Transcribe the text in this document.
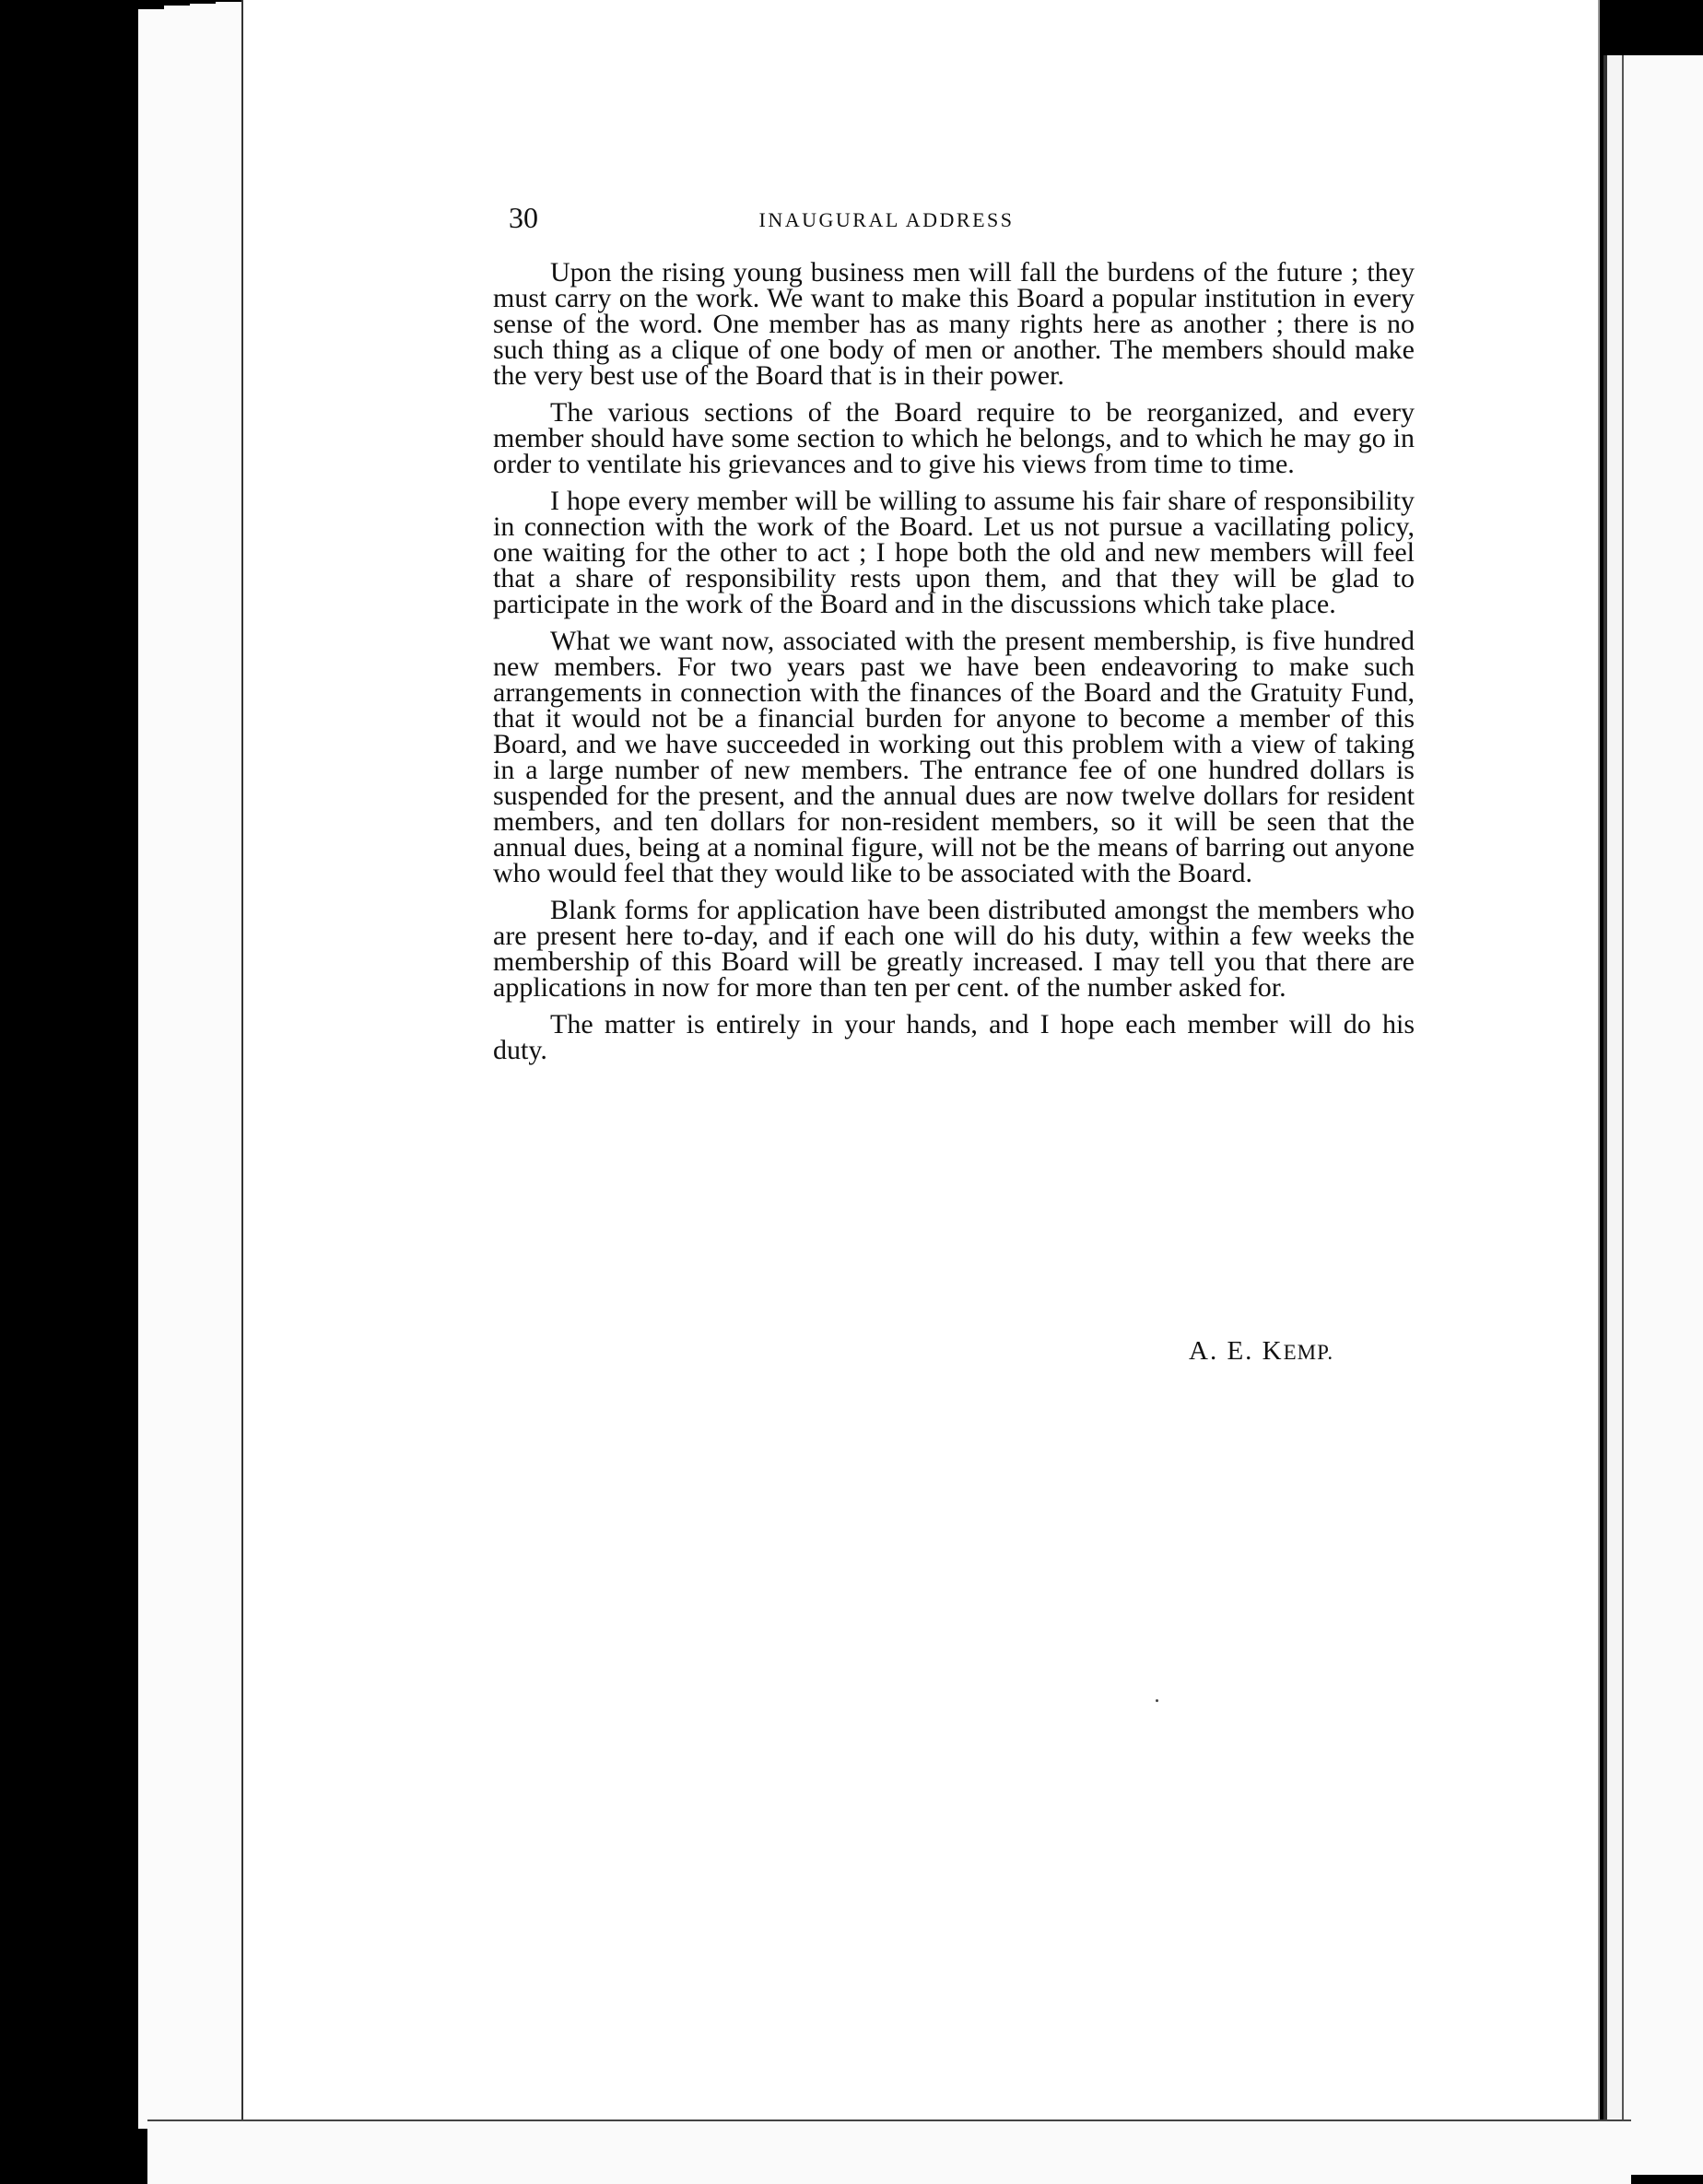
30	INAUGURAL ADDRESS

Upon the rising young business men will fall the burdens of the future ; they must carry on the work. We want to make this Board a popular institution in every sense of the word. One member has as many rights here as another ; there is no such thing as a clique of one body of men or another. The members should make the very best use of the Board that is in their power.

The various sections of the Board require to be reorganized, and every member should have some section to which he belongs, and to which he may go in order to ventilate his grievances and to give his views from time to time.

I hope every member will be willing to assume his fair share of responsibility in connection with the work of the Board. Let us not pursue a vacillating policy, one waiting for the other to act ; I hope both the old and new members will feel that a share of responsibility rests upon them, and that they will be glad to participate in the work of the Board and in the discussions which take place.

What we want now, associated with the present membership, is five hundred new members. For two years past we have been endeavoring to make such arrangements in connection with the finances of the Board and the Gratuity Fund, that it would not be a financial burden for anyone to become a member of this Board, and we have succeeded in working out this problem with a view of taking in a large number of new members. The entrance fee of one hundred dollars is suspended for the present, and the annual dues are now twelve dollars for resident members, and ten dollars for non-resident members, so it will be seen that the annual dues, being at a nominal figure, will not be the means of barring out anyone who would feel that they would like to be associated with the Board.

Blank forms for application have been distributed amongst the members who are present here to-day, and if each one will do his duty, within a few weeks the membership of this Board will be greatly increased. I may tell you that there are applications in now for more than ten per cent. of the number asked for.

The matter is entirely in your hands, and I hope each member will do his duty.

A. E. KEMP.
